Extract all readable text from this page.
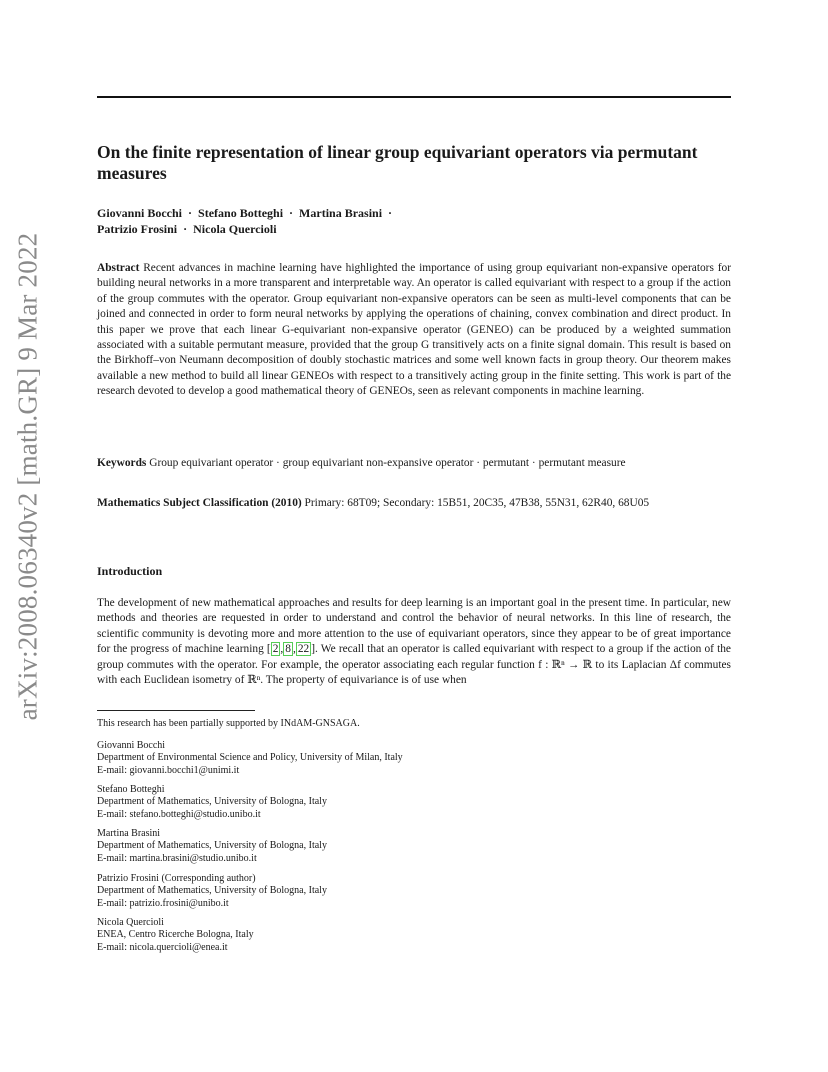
arXiv:2008.06340v2 [math.GR] 9 Mar 2022
On the finite representation of linear group equivariant operators via permutant measures
Giovanni Bocchi · Stefano Botteghi · Martina Brasini ·
Patrizio Frosini · Nicola Quercioli
Abstract Recent advances in machine learning have highlighted the importance of using group equivariant non-expansive operators for building neural networks in a more transparent and interpretable way. An operator is called equivariant with respect to a group if the action of the group commutes with the operator. Group equivariant non-expansive operators can be seen as multi-level components that can be joined and connected in order to form neural networks by applying the operations of chaining, convex combination and direct product. In this paper we prove that each linear G-equivariant non-expansive operator (GENEO) can be produced by a weighted summation associated with a suitable permutant measure, provided that the group G transitively acts on a finite signal domain. This result is based on the Birkhoff–von Neumann decomposition of doubly stochastic matrices and some well known facts in group theory. Our theorem makes available a new method to build all linear GENEOs with respect to a transitively acting group in the finite setting. This work is part of the research devoted to develop a good mathematical theory of GENEOs, seen as relevant components in machine learning.
Keywords Group equivariant operator · group equivariant non-expansive operator · permutant · permutant measure
Mathematics Subject Classification (2010) Primary: 68T09; Secondary: 15B51, 20C35, 47B38, 55N31, 62R40, 68U05
Introduction
The development of new mathematical approaches and results for deep learning is an important goal in the present time. In particular, new methods and theories are requested in order to understand and control the behavior of neural networks. In this line of research, the scientific community is devoting more and more attention to the use of equivariant operators, since they appear to be of great importance for the progress of machine learning [ 2 , 8 , 22 ]. We recall that an operator is called equivariant with respect to a group if the action of the group commutes with the operator. For example, the operator associating each regular function f : ℝⁿ → ℝ to its Laplacian Δf commutes with each Euclidean isometry of ℝⁿ. The property of equivariance is of use when
This research has been partially supported by INdAM-GNSAGA.
Giovanni Bocchi
Department of Environmental Science and Policy, University of Milan, Italy
E-mail: giovanni.bocchi1@unimi.it
Stefano Botteghi
Department of Mathematics, University of Bologna, Italy
E-mail: stefano.botteghi@studio.unibo.it
Martina Brasini
Department of Mathematics, University of Bologna, Italy
E-mail: martina.brasini@studio.unibo.it
Patrizio Frosini (Corresponding author)
Department of Mathematics, University of Bologna, Italy
E-mail: patrizio.frosini@unibo.it
Nicola Quercioli
ENEA, Centro Ricerche Bologna, Italy
E-mail: nicola.quercioli@enea.it
